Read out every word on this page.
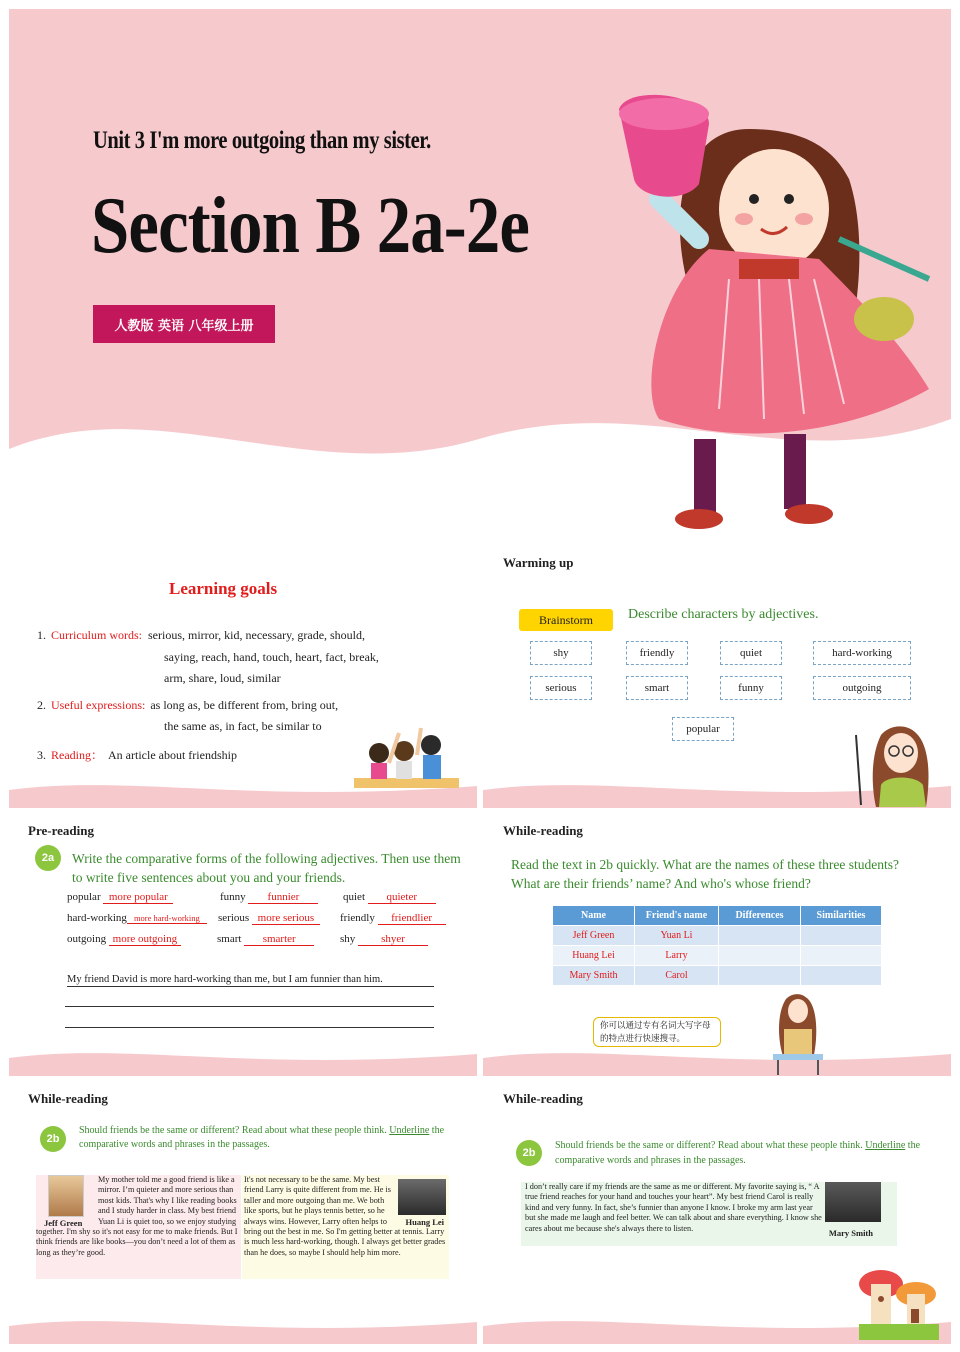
Unit 3 I'm more outgoing than my sister.
Section B 2a-2e
人教版 英语 八年级上册
Learning goals
1. Curriculum words: serious, mirror, kid, necessary, grade, should,
saying, reach, hand, touch, heart, fact, break,
arm, share, loud, similar
2. Useful expressions: as long as, be different from, bring out,
the same as, in fact, be similar to
3. Reading： An article about friendship
Warming up
Brainstorm	Describe characters by adjectives.
shy	friendly	quiet	hard-working
serious	smart	funny	outgoing
popular
Pre-reading
2a	Write the comparative forms of the following adjectives. Then use them to write five sentences about you and your friends.
popular more popular	funny funnier	quiet quieter
hard-working more hard-working	serious more serious	friendly friendlier
outgoing more outgoing	smart smarter	shy shyer
My friend David is more hard-working than me, but I am funnier than him.
While-reading
Read the text in 2b quickly. What are the names of these three students? What are their friends’ name? And who's whose friend?
Name	Friend's name	Differences	Similarities
Jeff Green	Yuan Li		
Huang Lei	Larry		
Mary Smith	Carol		
你可以通过专有名词大写字母的特点进行快速搜寻。
While-reading
2b
Should friends be the same or different? Read about what these people think. Underline the comparative words and phrases in the passages.
Jeff Green
My mother told me a good friend is like a mirror. I’m quieter and more serious than most kids. That's why I like reading books and I study harder in class. My best friend Yuan Li is quiet too, so we enjoy studying together. I'm shy so it's not easy for me to make friends. But I think friends are like books—you don’t need a lot of them as long as they’re good.
Huang Lei
It's not necessary to be the same. My best friend Larry is quite different from me. He is taller and more outgoing than me. We both like sports, but he plays tennis better, so he always wins. However, Larry often helps to bring out the best in me. So I'm getting better at tennis. Larry is much less hard-working, though. I always get better grades than he does, so maybe I should help him more.
While-reading
2b
Should friends be the same or different? Read about what these people think. Underline the comparative words and phrases in the passages.
I don’t really care if my friends are the same as me or different. My favorite saying is, “ A true friend reaches for your hand and touches your heart”. My best friend Carol is really kind and very funny. In fact, she’s funnier than anyone I know. I broke my arm last year but she made me laugh and feel better. We can talk about and share everything. I know she cares about me because she's always there to listen.	Mary Smith
